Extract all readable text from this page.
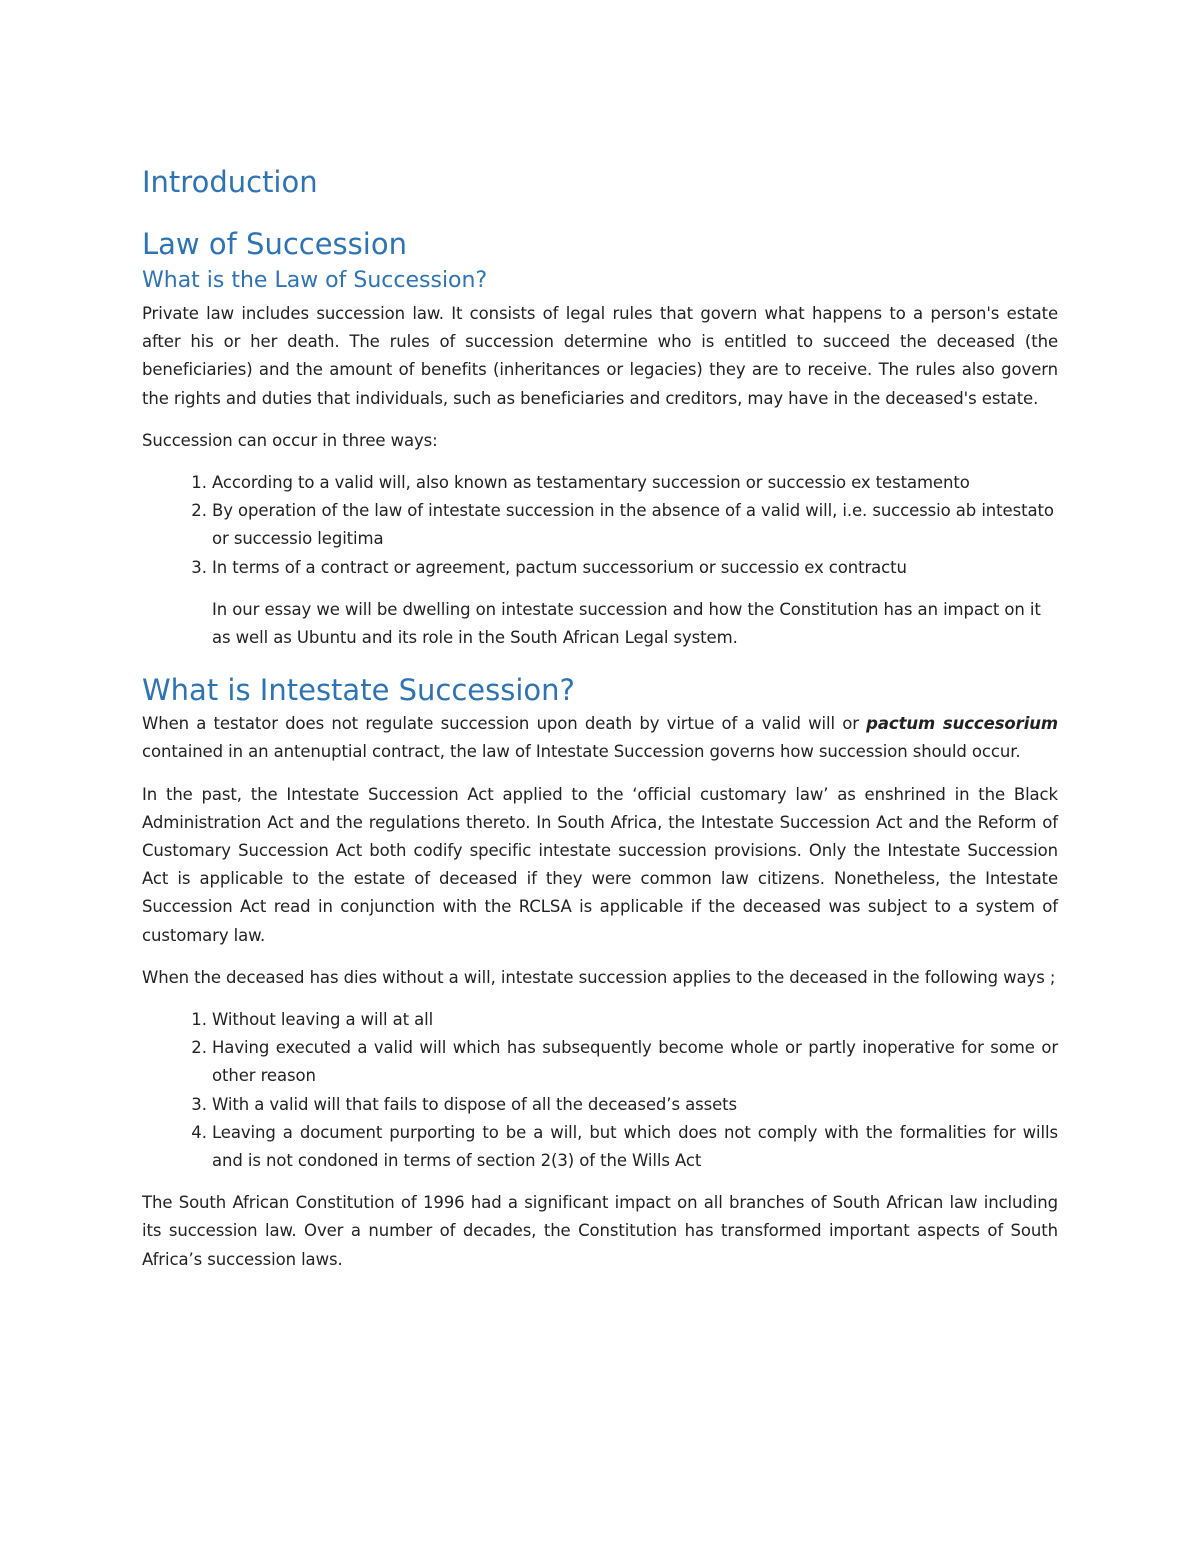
Introduction
Law of Succession
What is the Law of Succession?

Private law includes succession law. It consists of legal rules that govern what happens to a person's estate after his or her death. The rules of succession determine who is entitled to succeed the deceased (the beneficiaries) and the amount of benefits (inheritances or legacies) they are to receive. The rules also govern the rights and duties that individuals, such as beneficiaries and creditors, may have in the deceased's estate.

Succession can occur in three ways:

1. According to a valid will, also known as testamentary succession or successio ex testamento
2. By operation of the law of intestate succession in the absence of a valid will, i.e. successio ab intestato or successio legitima
3. In terms of a contract or agreement, pactum successorium or successio ex contractu

In our essay we will be dwelling on intestate succession and how the Constitution has an impact on it as well as Ubuntu and its role in the South African Legal system.

What is Intestate Succession?

When a testator does not regulate succession upon death by virtue of a valid will or pactum succesorium contained in an antenuptial contract, the law of Intestate Succession governs how succession should occur.

In the past, the Intestate Succession Act applied to the ‘official customary law’ as enshrined in the Black Administration Act and the regulations thereto. In South Africa, the Intestate Succession Act and the Reform of Customary Succession Act both codify specific intestate succession provisions. Only the Intestate Succession Act is applicable to the estate of deceased if they were common law citizens. Nonetheless, the Intestate Succession Act read in conjunction with the RCLSA is applicable if the deceased was subject to a system of customary law.

When the deceased has dies without a will, intestate succession applies to the deceased in the following ways ;

1. Without leaving a will at all
2. Having executed a valid will which has subsequently become whole or partly inoperative for some or other reason
3. With a valid will that fails to dispose of all the deceased’s assets
4. Leaving a document purporting to be a will, but which does not comply with the formalities for wills and is not condoned in terms of section 2(3) of the Wills Act

The South African Constitution of 1996 had a significant impact on all branches of South African law including its succession law. Over a number of decades, the Constitution has transformed important aspects of South Africa’s succession laws.
